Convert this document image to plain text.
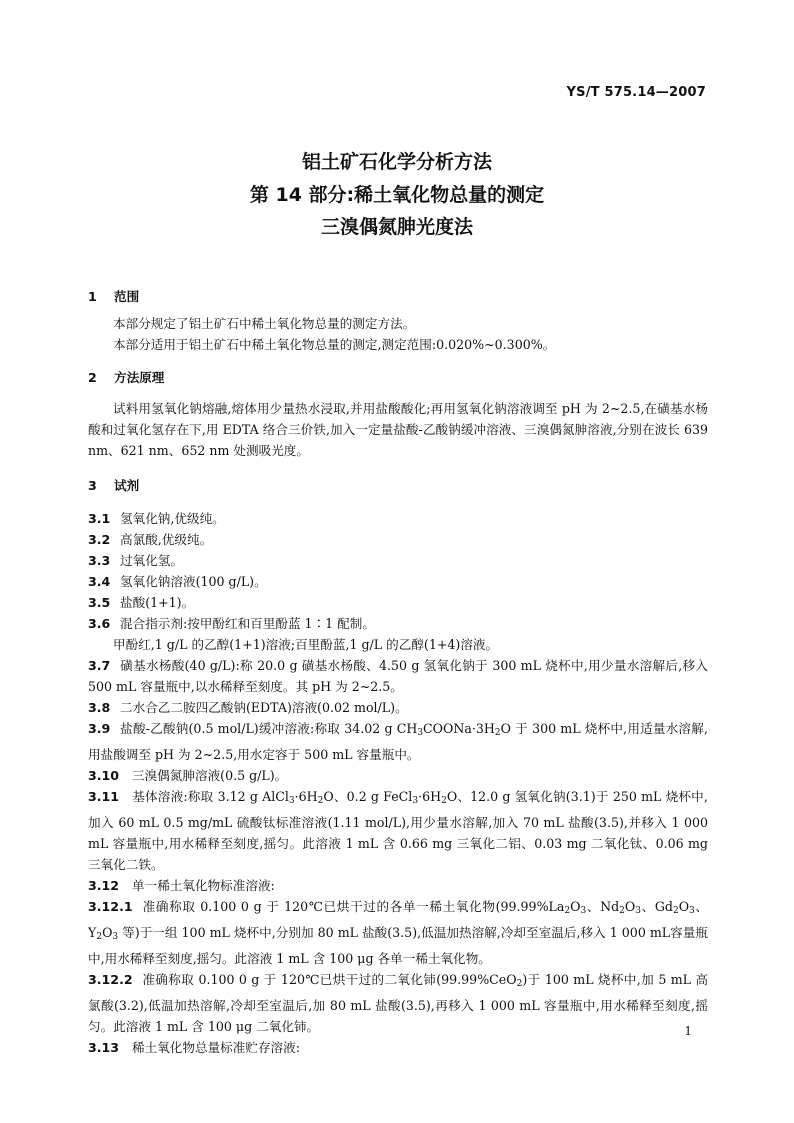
YS/T 575.14—2007
铝土矿石化学分析方法
第 14 部分:稀土氧化物总量的测定
三溴偶氮胂光度法
1 范围

本部分规定了铝土矿石中稀土氧化物总量的测定方法。

本部分适用于铝土矿石中稀土氧化物总量的测定,测定范围:0.020%~0.300%。

2 方法原理

试料用氢氧化钠熔融,熔体用少量热水浸取,并用盐酸酸化;再用氢氧化钠溶液调至 pH 为 2~2.5,在磺基水杨酸和过氧化氢存在下,用 EDTA 络合三价铁,加入一定量盐酸-乙酸钠缓冲溶液、三溴偶氮胂溶液,分别在波长 639 nm、621 nm、652 nm 处测吸光度。

3 试剂

3.1 氢氧化钠,优级纯。

3.2 高氯酸,优级纯。

3.3 过氧化氢。

3.4 氢氧化钠溶液(100 g/L)。

3.5 盐酸(1+1)。

3.6 混合指示剂:按甲酚红和百里酚蓝 1∶1 配制。

甲酚红,1 g/L 的乙醇(1+1)溶液;百里酚蓝,1 g/L 的乙醇(1+4)溶液。

3.7 磺基水杨酸(40 g/L):称 20.0 g 磺基水杨酸、4.50 g 氢氧化钠于 300 mL 烧杯中,用少量水溶解后,移入 500 mL 容量瓶中,以水稀释至刻度。其 pH 为 2~2.5。

3.8 二水合乙二胺四乙酸钠(EDTA)溶液(0.02 mol/L)。

3.9 盐酸-乙酸钠(0.5 mol/L)缓冲溶液:称取 34.02 g $CH_3COONa\cdot 3H_2O$ 于 300 mL 烧杯中,用适量水溶解,用盐酸调至 pH 为 2~2.5,用水定容于 500 mL 容量瓶中。

3.10 三溴偶氮胂溶液(0.5 g/L)。

3.11 基体溶液:称取 3.12 g $AlCl_3\cdot 6H_2O$、0.2 g $FeCl_3\cdot 6H_2O$、12.0 g 氢氧化钠(3.1)于 250 mL 烧杯中,加入 60 mL 0.5 mg/mL 硫酸钛标准溶液(1.11 mol/L),用少量水溶解,加入 70 mL 盐酸(3.5),并移入 1 000 mL 容量瓶中,用水稀释至刻度,摇匀。此溶液 1 mL 含 0.66 mg 三氧化二铝、0.03 mg 二氧化钛、0.06 mg 三氧化二铁。

3.12 单一稀土氧化物标准溶液:

3.12.1 准确称取 0.100 0 g 于 120℃已烘干过的各单一稀土氧化物($99.99\%La_2O_3$、$Nd_2O_3$、$Gd_2O_3$、$Y_2O_3$ 等)于一组 100 mL 烧杯中,分别加 80 mL 盐酸(3.5),低温加热溶解,冷却至室温后,移入 1 000 mL容量瓶中,用水稀释至刻度,摇匀。此溶液 1 mL 含 100 μg 各单一稀土氧化物。

3.12.2 准确称取 0.100 0 g 于 120℃已烘干过的二氧化铈(99.99%CeO$_2$)于 100 mL 烧杯中,加 5 mL 高氯酸(3.2),低温加热溶解,冷却至室温后,加 80 mL 盐酸(3.5),再移入 1 000 mL 容量瓶中,用水稀释至刻度,摇匀。此溶液 1 mL 含 100 μg 二氧化铈。

3.13 稀土氧化物总量标准贮存溶液:

1
